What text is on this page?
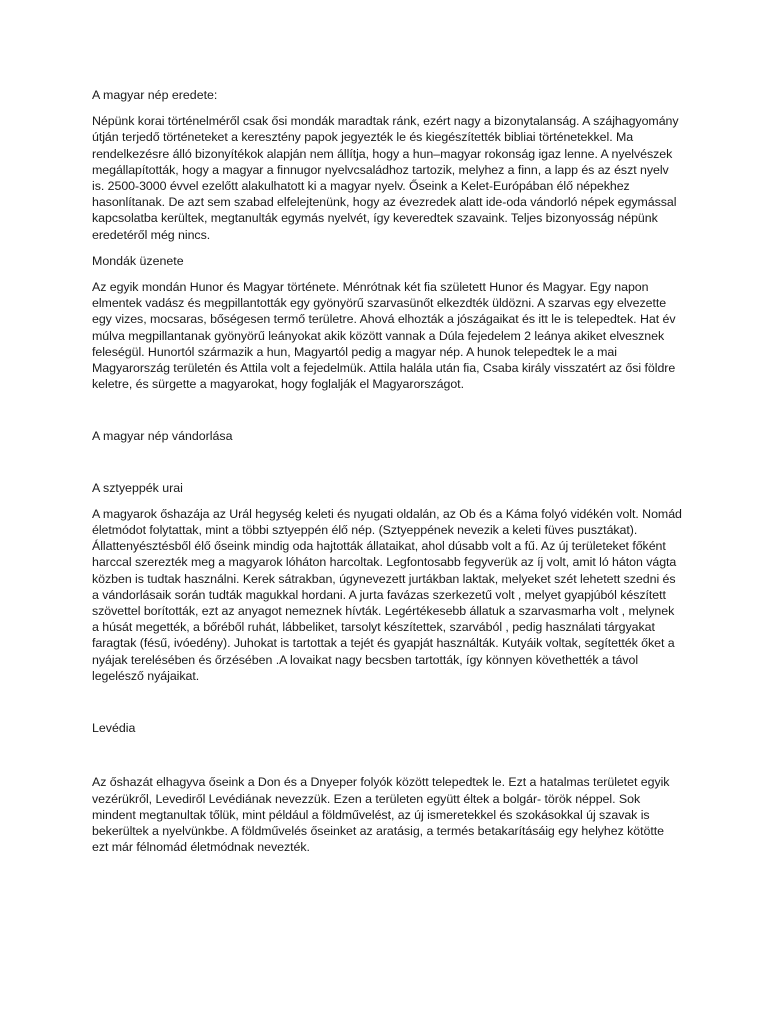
A magyar nép eredete:

Népünk korai történelméről csak ősi mondák maradtak ránk, ezért nagy a bizonytalanság. A szájhagyomány útján terjedő történeteket a keresztény papok jegyezték le és kiegészítették bibliai történetekkel. Ma rendelkezésre álló bizonyítékok alapján nem állítja, hogy a hun–magyar rokonság igaz lenne. A nyelvészek megállapították, hogy a magyar a finnugor nyelvcsaládhoz tartozik, melyhez a finn, a lapp és az észt nyelv is. 2500-3000 évvel ezelőtt alakulhatott ki a magyar nyelv. Őseink a Kelet-Európában élő népekhez hasonlítanak. De azt sem szabad elfelejtenünk, hogy az évezredek alatt ide-oda vándorló népek egymással kapcsolatba kerültek, megtanulták egymás nyelvét, így keveredtek szavaink. Teljes bizonyosság népünk eredetéről még nincs.

Mondák üzenete

Az egyik mondán Hunor és Magyar története. Ménrótnak két fia született Hunor és Magyar. Egy napon elmentek vadász és megpillantották egy gyönyörű szarvasünőt elkezdték üldözni. A szarvas egy elvezette egy vizes, mocsaras, bőségesen termő területre. Ahová elhozták a jószágaikat és itt le is telepedtek. Hat év múlva megpillantanak gyönyörű leányokat akik között vannak a Dúla fejedelem 2 leánya akiket elvesznek feleségül. Hunortól származik a hun, Magyartól pedig a magyar nép. A hunok telepedtek le a mai Magyarország területén és Attila volt a fejedelmük. Attila halála után fia, Csaba király visszatért az ősi földre keletre, és sürgette a magyarokat, hogy foglalják el Magyarországot.

A magyar nép vándorlása
A sztyeppék urai

A magyarok őshazája az Urál hegység keleti és nyugati oldalán, az Ob és a Káma folyó vidékén volt. Nomád életmódot folytattak, mint a többi sztyeppén élő nép. (Sztyeppének nevezik a keleti füves pusztákat). Állattenyésztésből élő őseink mindig oda hajtották állataikat, ahol dúsabb volt a fű. Az új területeket főként harccal szerezték meg a magyarok lóháton harcoltak. Legfontosabb fegyverük az íj volt, amit ló háton vágta közben is tudtak használni. Kerek sátrakban, úgynevezett jurtákban laktak, melyeket szét lehetett szedni és a vándorlásaik során tudták magukkal hordani. A jurta favázas szerkezetű volt , melyet gyapjúból készített szövettel borították, ezt az anyagot nemeznek hívták. Legértékesebb állatuk a szarvasmarha volt , melynek a húsát megették, a bőréből ruhát, lábbeliket, tarsolyt készítettek, szarvából , pedig használati tárgyakat faragtak (fésű, ivóedény). Juhokat is tartottak a tejét és gyapját használták. Kutyáik voltak, segítették őket a nyájak terelésében és őrzésében .A lovaikat nagy becsben tartották, így könnyen követhették a távol legelésző nyájaikat.

Levédia

Az őshazát elhagyva őseink a Don és a Dnyeper folyók között telepedtek le. Ezt a hatalmas területet egyik vezérükről, Levediről Levédiának nevezzük. Ezen a területen együtt éltek a bolgár- török néppel. Sok mindent megtanultak tőlük, mint például a földművelést, az új ismeretekkel és szokásokkal új szavak is bekerültek a nyelvünkbe. A földművelés őseinket az aratásig, a termés betakarításáig egy helyhez kötötte ezt már félnomád életmódnak nevezték.
